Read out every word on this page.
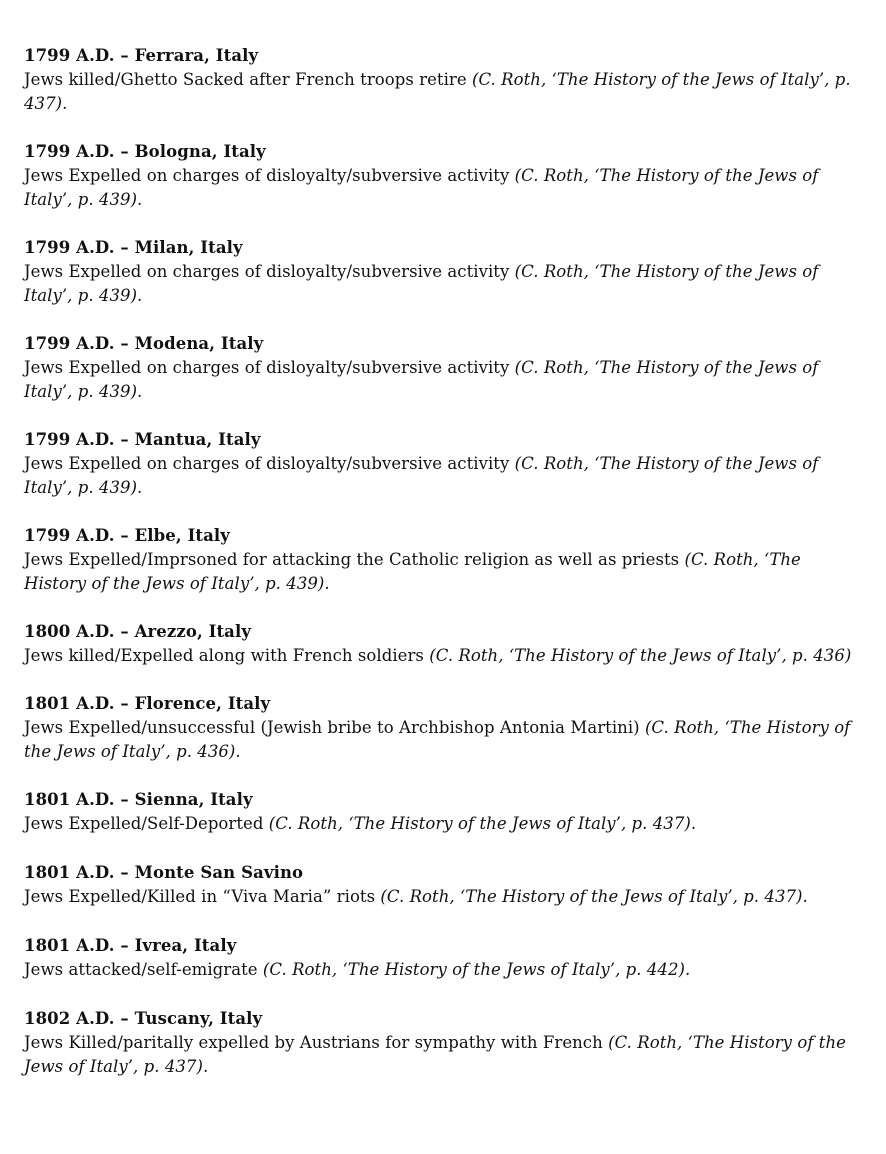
1799 A.D. – Ferrara, Italy
Jews killed/Ghetto Sacked after French troops retire (C. Roth, ‘The History of the Jews of Italy’, p. 437).
1799 A.D. – Bologna, Italy
Jews Expelled on charges of disloyalty/subversive activity (C. Roth, ‘The History of the Jews of Italy’, p. 439).
1799 A.D. – Milan, Italy
Jews Expelled on charges of disloyalty/subversive activity (C. Roth, ‘The History of the Jews of Italy’, p. 439).
1799 A.D. – Modena, Italy
Jews Expelled on charges of disloyalty/subversive activity (C. Roth, ‘The History of the Jews of Italy’, p. 439).
1799 A.D. – Mantua, Italy
Jews Expelled on charges of disloyalty/subversive activity (C. Roth, ‘The History of the Jews of Italy’, p. 439).
1799 A.D. – Elbe, Italy
Jews Expelled/Imprsoned for attacking the Catholic religion as well as priests (C. Roth, ‘The History of the Jews of Italy’, p. 439).
1800 A.D. – Arezzo, Italy
Jews killed/Expelled along with French soldiers (C. Roth, ‘The History of the Jews of Italy’, p. 436)
1801 A.D. – Florence, Italy
Jews Expelled/unsuccessful (Jewish bribe to Archbishop Antonia Martini) (C. Roth, ‘The History of the Jews of Italy’, p. 436).
1801 A.D. – Sienna, Italy
Jews Expelled/Self-Deported (C. Roth, ‘The History of the Jews of Italy’, p. 437).
1801 A.D. – Monte San Savino
Jews Expelled/Killed in “Viva Maria” riots (C. Roth, ‘The History of the Jews of Italy’, p. 437).
1801 A.D. – Ivrea, Italy
Jews attacked/self-emigrate (C. Roth, ‘The History of the Jews of Italy’, p. 442).
1802 A.D. – Tuscany, Italy
Jews Killed/paritally expelled by Austrians for sympathy with French (C. Roth, ‘The History of the Jews of Italy’, p. 437).
